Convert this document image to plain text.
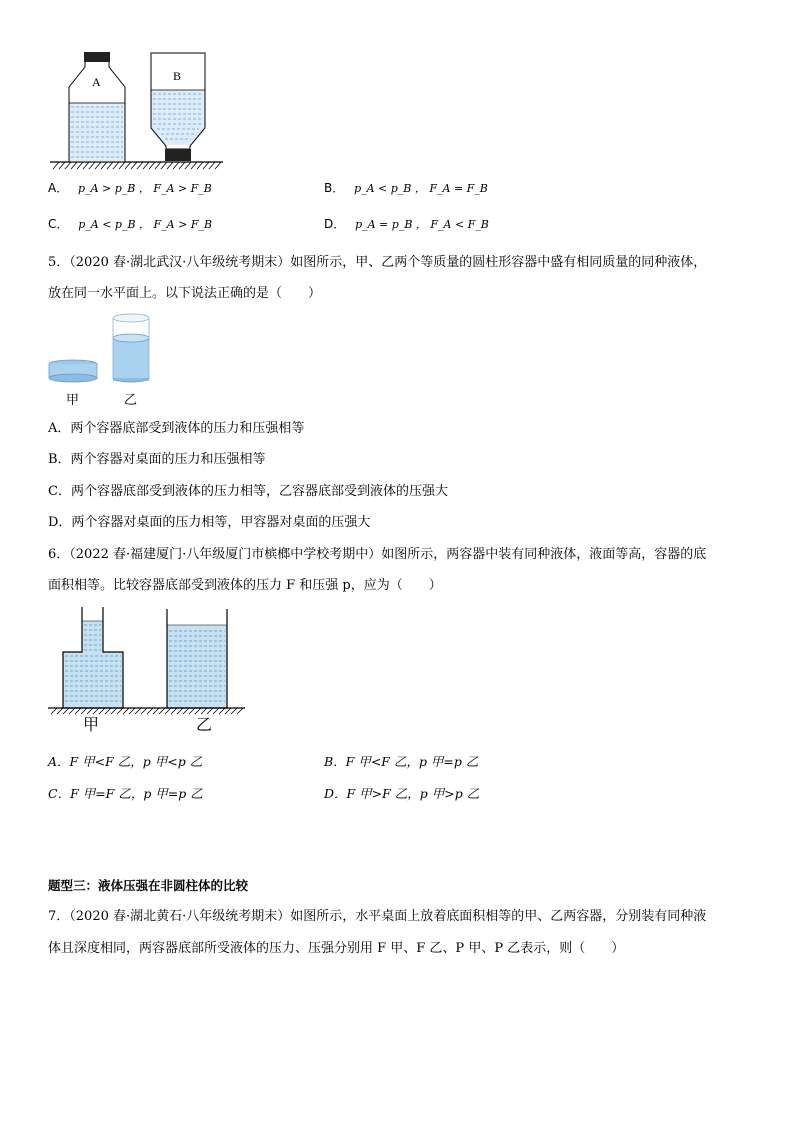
A	B
A． p_A > p_B ， F_A > F_B	B． p_A < p_B ， F_A = F_B
C． p_A < p_B ， F_A > F_B	D． p_A = p_B ， F_A < F_B
5．（2020 春·湖北武汉·八年级统考期末）如图所示，甲、乙两个等质量的圆柱形容器中盛有相同质量的同种液体，
放在同一水平面上。以下说法正确的是（　　）
甲	乙
A．两个容器底部受到液体的压力和压强相等
B．两个容器对桌面的压力和压强相等
C．两个容器底部受到液体的压力相等，乙容器底部受到液体的压强大
D．两个容器对桌面的压力相等，甲容器对桌面的压强大
6．（2022 春·福建厦门·八年级厦门市槟榔中学校考期中）如图所示，两容器中装有同种液体，液面等高，容器的底
面积相等。比较容器底部受到液体的压力 F 和压强 p，应为（　　）
甲	乙
A．F 甲<F 乙，p 甲<p 乙	B．F 甲<F 乙，p 甲=p 乙
C．F 甲=F 乙，p 甲=p 乙	D．F 甲>F 乙，p 甲>p 乙
题型三：液体压强在非圆柱体的比较
7．（2020 春·湖北黄石·八年级统考期末）如图所示，水平桌面上放着底面积相等的甲、乙两容器，分别装有同种液
体且深度相同，两容器底部所受液体的压力、压强分别用 F 甲、F 乙、P 甲、P 乙表示，则（　　）
